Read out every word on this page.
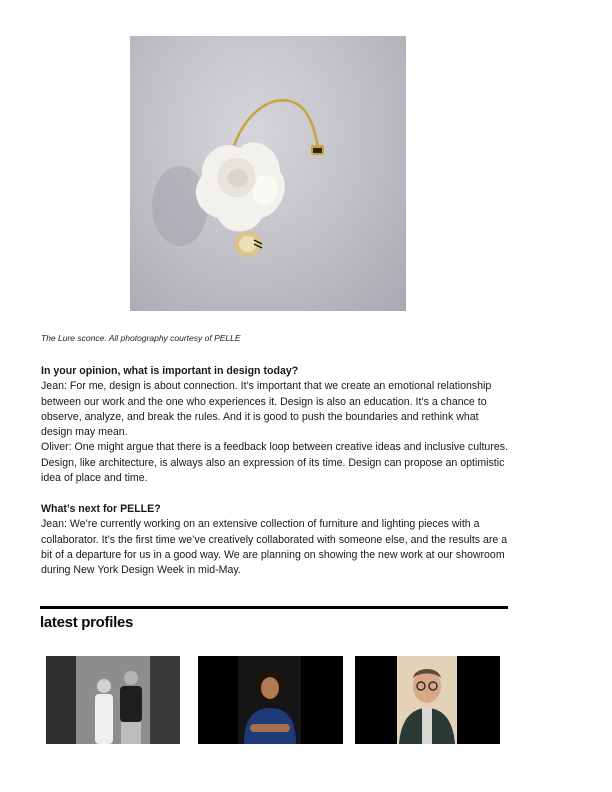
The Lure sconce. All photography courtesy of PELLE

In your opinion, what is important in design today?

Jean: For me, design is about connection. It’s important that we create an emotional relationship between our work and the one who experiences it. Design is also an education. It’s a chance to observe, analyze, and break the rules. And it is good to push the boundaries and rethink what design may mean.

Oliver: One might argue that there is a feedback loop between creative ideas and inclusive cultures. Design, like architecture, is always also an expression of its time. Design can propose an optimistic idea of place and time.

What’s next for PELLE?

Jean: We’re currently working on an extensive collection of furniture and lighting pieces with a collaborator. It’s the first time we’ve creatively collaborated with someone else, and the results are a bit of a departure for us in a good way. We are planning on showing the new work at our showroom during New York Design Week in mid-May.

latest profiles
